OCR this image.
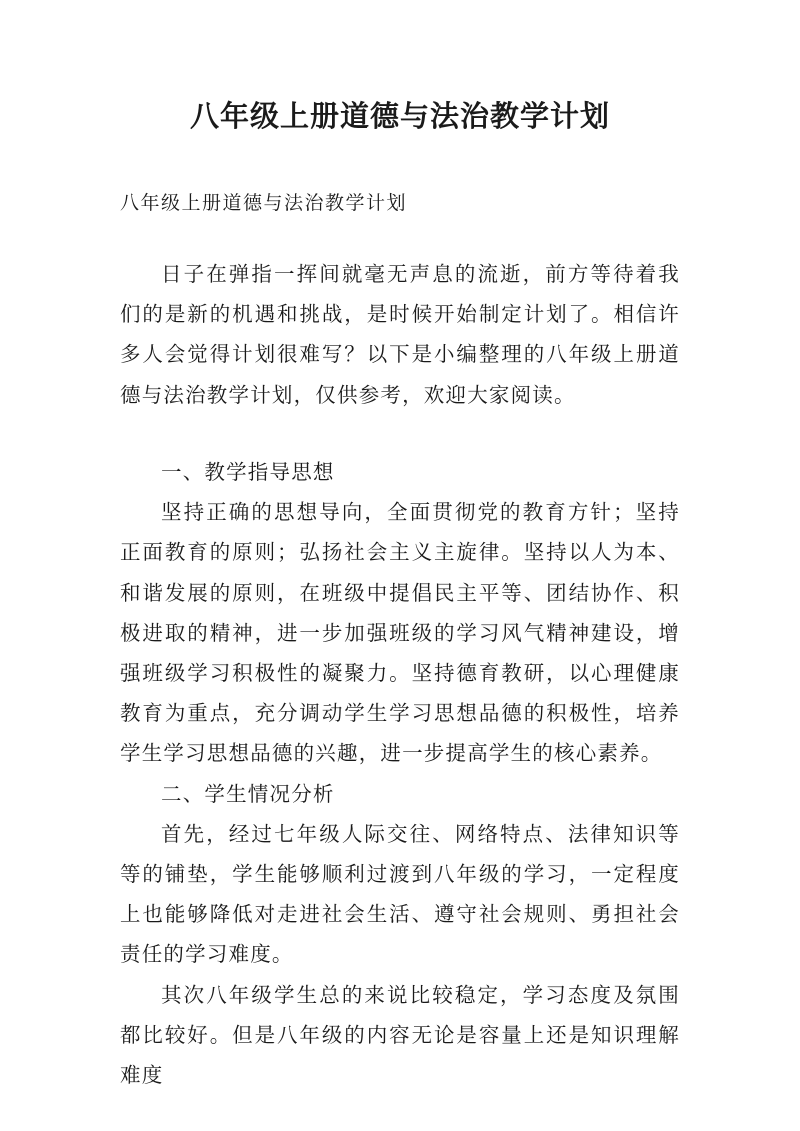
八年级上册道德与法治教学计划

八年级上册道德与法治教学计划

日子在弹指一挥间就毫无声息的流逝，前方等待着我们的是新的机遇和挑战，是时候开始制定计划了。相信许多人会觉得计划很难写？以下是小编整理的八年级上册道德与法治教学计划，仅供参考，欢迎大家阅读。

一、教学指导思想

坚持正确的思想导向，全面贯彻党的教育方针；坚持正面教育的原则；弘扬社会主义主旋律。坚持以人为本、和谐发展的原则，在班级中提倡民主平等、团结协作、积极进取的精神，进一步加强班级的学习风气精神建设，增强班级学习积极性的凝聚力。坚持德育教研，以心理健康教育为重点，充分调动学生学习思想品德的积极性，培养学生学习思想品德的兴趣，进一步提高学生的核心素养。

二、学生情况分析

首先，经过七年级人际交往、网络特点、法律知识等等的铺垫，学生能够顺利过渡到八年级的学习，一定程度上也能够降低对走进社会生活、遵守社会规则、勇担社会责任的学习难度。

其次八年级学生总的来说比较稳定，学习态度及氛围都比较好。但是八年级的内容无论是容量上还是知识理解难度
